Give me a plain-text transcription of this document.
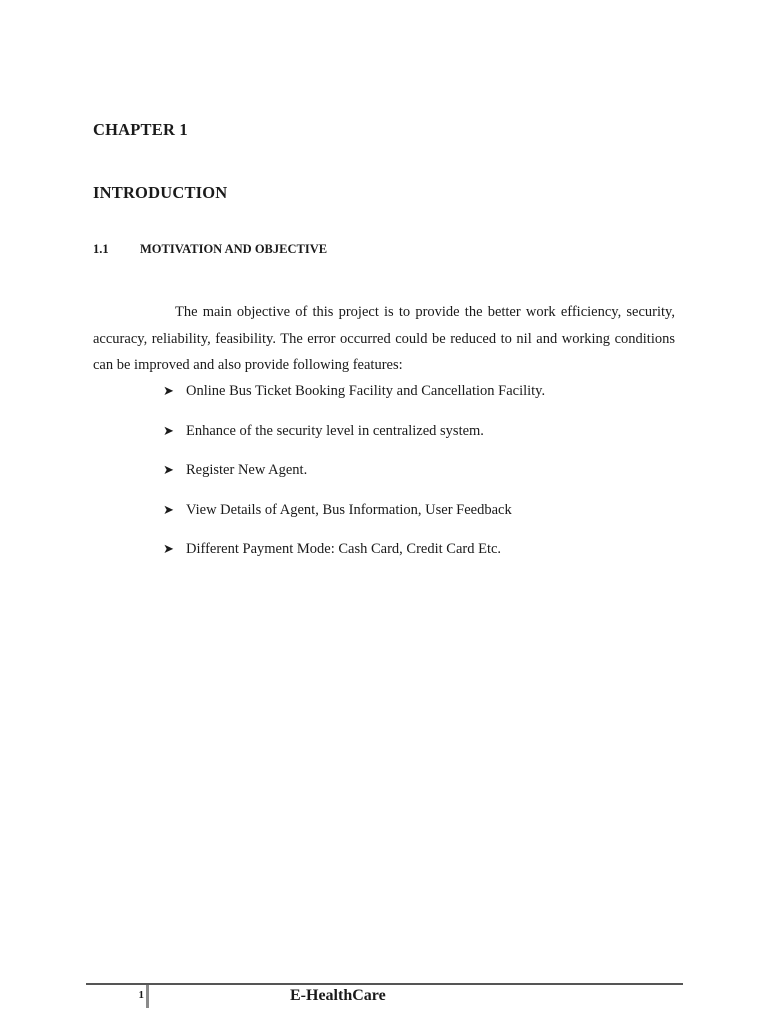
CHAPTER 1
INTRODUCTION
1.1	MOTIVATION AND OBJECTIVE

The main objective of this project is to provide the better work efficiency, security, accuracy, reliability, feasibility. The error occurred could be reduced to nil and working conditions can be improved and also provide following features:

➤ Online Bus Ticket Booking Facility and Cancellation Facility.
➤ Enhance of the security level in centralized system.
➤ Register New Agent.
➤ View Details of Agent, Bus Information, User Feedback
➤ Different Payment Mode: Cash Card, Credit Card Etc.
1	E-HealthCare
